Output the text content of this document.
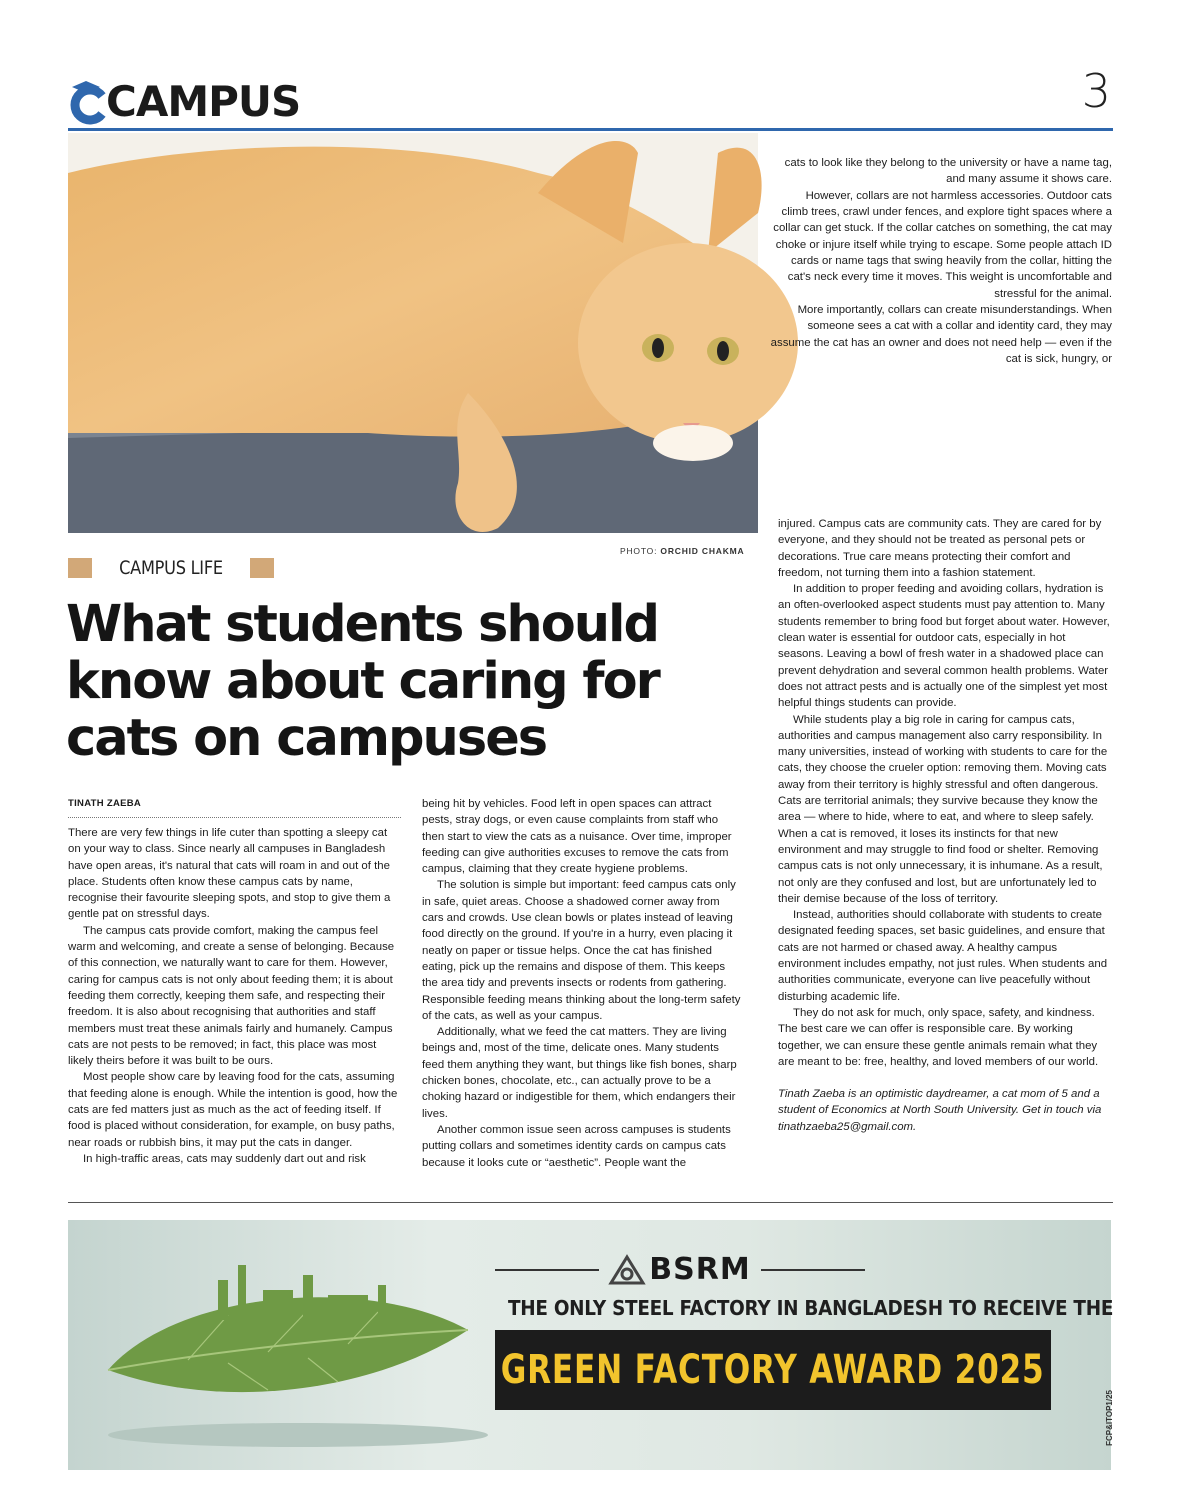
CAMPUS	3
PHOTO: ORCHID CHAKMA
CAMPUS LIFE
What students should know about caring for cats on campuses
TINATH ZAEBA

There are very few things in life cuter than spotting a sleepy cat on your way to class. Since nearly all campuses in Bangladesh have open areas, it's natural that cats will roam in and out of the place. Students often know these campus cats by name, recognise their favourite sleeping spots, and stop to give them a gentle pat on stressful days.

The campus cats provide comfort, making the campus feel warm and welcoming, and create a sense of belonging. Because of this connection, we naturally want to care for them. However, caring for campus cats is not only about feeding them; it is about feeding them correctly, keeping them safe, and respecting their freedom. It is also about recognising that authorities and staff members must treat these animals fairly and humanely. Campus cats are not pests to be removed; in fact, this place was most likely theirs before it was built to be ours.

Most people show care by leaving food for the cats, assuming that feeding alone is enough. While the intention is good, how the cats are fed matters just as much as the act of feeding itself. If food is placed without consideration, for example, on busy paths, near roads or rubbish bins, it may put the cats in danger.

In high-traffic areas, cats may suddenly dart out and risk

being hit by vehicles. Food left in open spaces can attract pests, stray dogs, or even cause complaints from staff who then start to view the cats as a nuisance. Over time, improper feeding can give authorities excuses to remove the cats from campus, claiming that they create hygiene problems.

The solution is simple but important: feed campus cats only in safe, quiet areas. Choose a shadowed corner away from cars and crowds. Use clean bowls or plates instead of leaving food directly on the ground. If you're in a hurry, even placing it neatly on paper or tissue helps. Once the cat has finished eating, pick up the remains and dispose of them. This keeps the area tidy and prevents insects or rodents from gathering. Responsible feeding means thinking about the long-term safety of the cats, as well as your campus.

Additionally, what we feed the cat matters. They are living beings and, most of the time, delicate ones. Many students feed them anything they want, but things like fish bones, sharp chicken bones, chocolate, etc., can actually prove to be a choking hazard or indigestible for them, which endangers their lives.

Another common issue seen across campuses is students putting collars and sometimes identity cards on campus cats because it looks cute or “aesthetic”. People want the

cats to look like they belong to the university or have a name tag, and many assume it shows care.

However, collars are not harmless accessories. Outdoor cats climb trees, crawl under fences, and explore tight spaces where a collar can get stuck. If the collar catches on something, the cat may choke or injure itself while trying to escape. Some people attach ID cards or name tags that swing heavily from the collar, hitting the cat's neck every time it moves. This weight is uncomfortable and stressful for the animal.

More importantly, collars can create misunderstandings. When someone sees a cat with a collar and identity card, they may assume the cat has an owner and does not need help — even if the cat is sick, hungry, or

injured. Campus cats are community cats. They are cared for by everyone, and they should not be treated as personal pets or decorations. True care means protecting their comfort and freedom, not turning them into a fashion statement.

In addition to proper feeding and avoiding collars, hydration is an often-overlooked aspect students must pay attention to. Many students remember to bring food but forget about water. However, clean water is essential for outdoor cats, especially in hot seasons. Leaving a bowl of fresh water in a shadowed place can prevent dehydration and several common health problems. Water does not attract pests and is actually one of the simplest yet most helpful things students can provide.

While students play a big role in caring for campus cats, authorities and campus management also carry responsibility. In many universities, instead of working with students to care for the cats, they choose the crueler option: removing them. Moving cats away from their territory is highly stressful and often dangerous. Cats are territorial animals; they survive because they know the area — where to hide, where to eat, and where to sleep safely. When a cat is removed, it loses its instincts for that new environment and may struggle to find food or shelter. Removing campus cats is not only unnecessary, it is inhumane. As a result, not only are they confused and lost, but are unfortunately led to their demise because of the loss of territory.

Instead, authorities should collaborate with students to create designated feeding spaces, set basic guidelines, and ensure that cats are not harmed or chased away. A healthy campus environment includes empathy, not just rules. When students and authorities communicate, everyone can live peacefully without disturbing academic life.

They do not ask for much, only space, safety, and kindness. The best care we can offer is responsible care. By working together, we can ensure these gentle animals remain what they are meant to be: free, healthy, and loved members of our world.

Tinath Zaeba is an optimistic daydreamer, a cat mom of 5 and a student of Economics at North South University. Get in touch via tinathzaeba25@gmail.com.

BSRM
THE ONLY STEEL FACTORY IN BANGLADESH TO RECEIVE THE
GREEN FACTORY AWARD 2025
FCP&ITOP1/25
